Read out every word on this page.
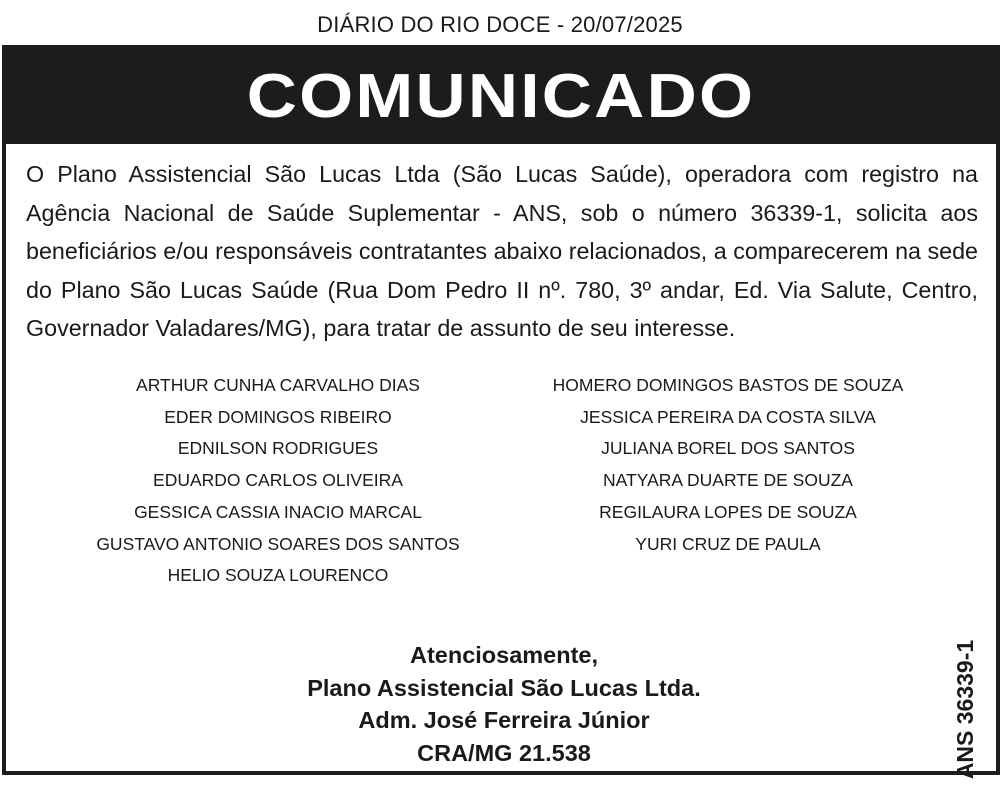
DIÁRIO DO RIO DOCE - 20/07/2025
COMUNICADO
O Plano Assistencial São Lucas Ltda (São Lucas Saúde), operadora com registro na Agência Nacional de Saúde Suplementar - ANS, sob o número 36339-1, solicita aos beneficiários e/ou responsáveis contratantes abaixo relacionados, a comparecerem na sede do Plano São Lucas Saúde (Rua Dom Pedro II nº. 780, 3º andar, Ed. Via Salute, Centro, Governador Valadares/MG), para tratar de assunto de seu interesse.
ARTHUR CUNHA CARVALHO DIAS
EDER DOMINGOS RIBEIRO
EDNILSON RODRIGUES
EDUARDO CARLOS OLIVEIRA
GESSICA CASSIA INACIO MARCAL
GUSTAVO ANTONIO SOARES DOS SANTOS
HELIO SOUZA LOURENCO
HOMERO DOMINGOS BASTOS DE SOUZA
JESSICA PEREIRA DA COSTA SILVA
JULIANA BOREL DOS SANTOS
NATYARA DUARTE DE SOUZA
REGILAURA LOPES DE SOUZA
YURI CRUZ DE PAULA
Atenciosamente,
Plano Assistencial São Lucas Ltda.
Adm. José Ferreira Júnior
CRA/MG 21.538	ANS 36339-1
